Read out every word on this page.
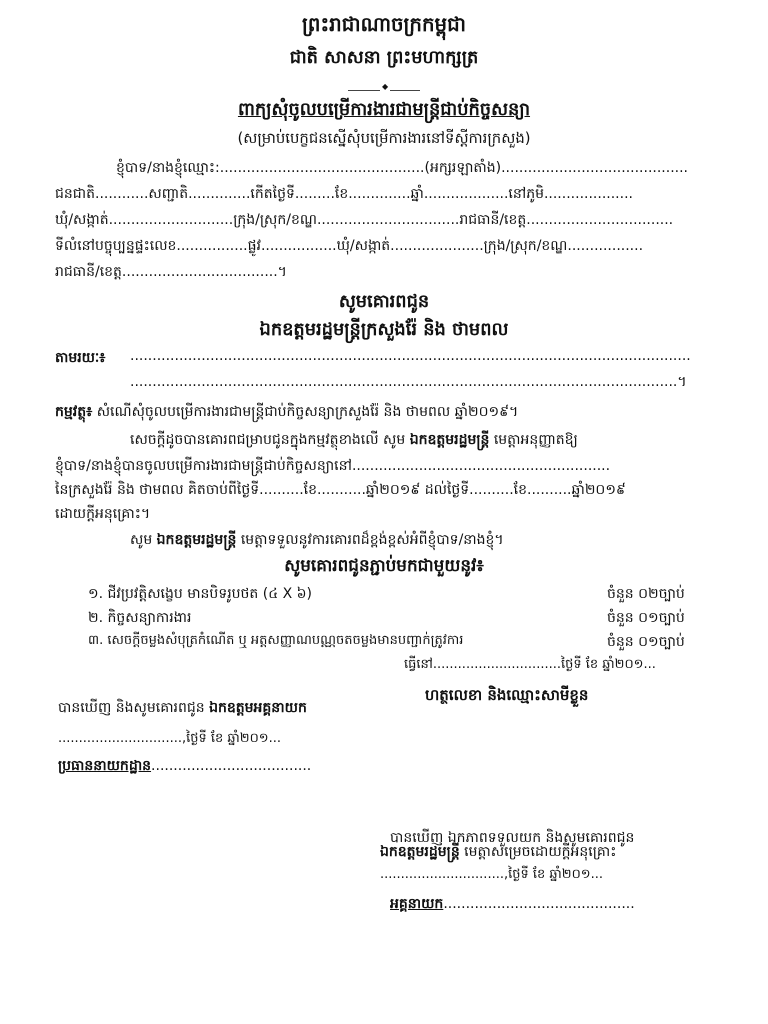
ព្រះរាជាណាចក្រកម្ពុជា
ជាតិ សាសនា ព្រះមហាក្សត្រ
◆
ពាក្យសុំចូលបម្រើការងារជាមន្ត្រីជាប់កិច្ចសន្យា
(សម្រាប់បេក្ខជនស្នើសុំបម្រើការងារនៅទីស្ដីការក្រសួង)
ខ្ញុំបាទ/នាងខ្ញុំឈ្មោះ:..............................................(អក្សរឡាតាំង)..........................................
ជនជាតិ............សញ្ជាតិ..............កើតថ្ងៃទី.........ខែ..............ឆ្នាំ...................នៅភូមិ....................
ឃុំ/សង្កាត់............................ក្រុង/ស្រុក/ខណ្ឌ................................រាជធានី/ខេត្ត.................................
ទីលំនៅបច្ចុប្បន្នផ្ទះលេខ................ផ្លូវ.................ឃុំ/សង្កាត់.....................ក្រុង/ស្រុក/ខណ្ឌ.................
រាជធានី/ខេត្ត...................................។
សូមគោរពជូន
ឯកឧត្ដមរដ្ឋមន្ត្រីក្រសួងរ៉ែ និង ថាមពល
តាមរយៈ៖ ..............................................................................................................................
...........................................................................................................................។
កម្មវត្ថុ៖ សំណើសុំចូលបម្រើការងារជាមន្ត្រីជាប់កិច្ចសន្យាក្រសួងរ៉ែ និង ថាមពល ឆ្នាំ២០១៩។
សេចក្ដីដូចបានគោរពជម្រាបជូនក្នុងកម្មវត្ថុខាងលើ សូម ឯកឧត្ដមរដ្ឋមន្ត្រី មេត្តាអនុញ្ញាតឱ្យ
ខ្ញុំបាទ/នាងខ្ញុំបានចូលបម្រើការងារជាមន្ត្រីជាប់កិច្ចសន្យានៅ..........................................................
នៃក្រសួងរ៉ែ និង ថាមពល គិតចាប់ពីថ្ងៃទី..........ខែ...........ឆ្នាំ២០១៩ ដល់ថ្ងៃទី..........ខែ..........ឆ្នាំ២០១៩
ដោយក្ដីអនុគ្រោះ។
សូម ឯកឧត្ដមរដ្ឋមន្ត្រី មេត្តាទទួលនូវការគោរពដ៏ខ្ពង់ខ្ពស់អំពីខ្ញុំបាទ/នាងខ្ញុំ។
សូមគោរពជូនភ្ជាប់មកជាមួយនូវ៖
១. ជីវប្រវត្តិសង្ខេប មានបិទរូបថត (៤ X ៦)	ចំនួន ០២ច្បាប់
២. កិច្ចសន្យាការងារ	ចំនួន ០១ច្បាប់
៣. សេចក្ដីចម្លងសំបុត្រកំណើត ឬ អត្តសញ្ញាណបណ្ណចតចម្លងមានបញ្ជាក់ត្រូវការ	ចំនួន ០១ច្បាប់
ធ្វើនៅ...............................ថ្ងៃទី ខែ ឆ្នាំ២០១...
ហត្ថលេខា និងឈ្មោះសាមីខ្លួន
បានឃើញ និងសូមគោរពជូន ឯកឧត្ដមអគ្គនាយក
..............................,ថ្ងៃទី ខែ ឆ្នាំ២០១...
ប្រធាននាយកដ្ឋាន....................................
បានឃើញ ឯកភាពទទួលយក និងសូមគោរពជូន
ឯកឧត្ដមរដ្ឋមន្ត្រី មេត្តាសម្រេចដោយក្ដីអនុគ្រោះ
..............................,ថ្ងៃទី ខែ ឆ្នាំ២០១...
អគ្គនាយក...........................................
